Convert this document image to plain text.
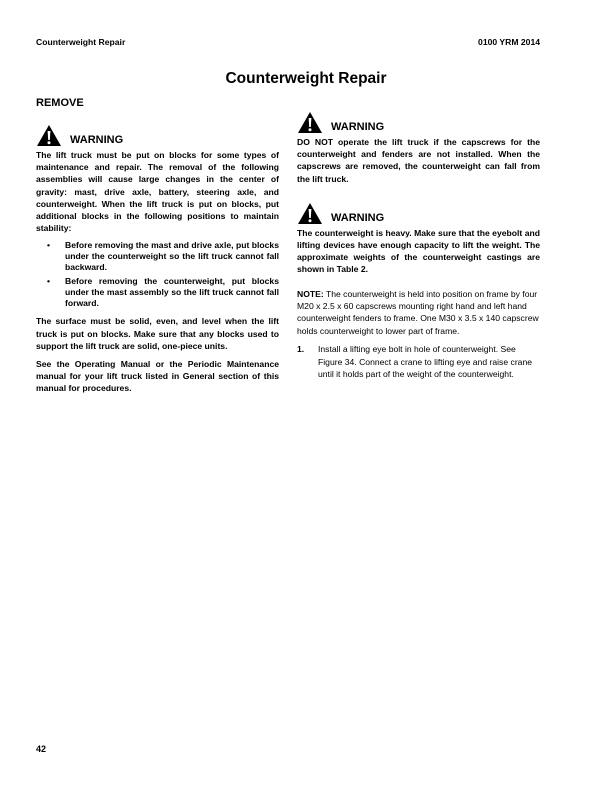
Counterweight Repair	0100 YRM 2014
Counterweight Repair
REMOVE
WARNING

The lift truck must be put on blocks for some types of maintenance and repair. The removal of the following assemblies will cause large changes in the center of gravity: mast, drive axle, battery, steering axle, and counterweight. When the lift truck is put on blocks, put additional blocks in the following positions to maintain stability:

• Before removing the mast and drive axle, put blocks under the counterweight so the lift truck cannot fall backward.
• Before removing the counterweight, put blocks under the mast assembly so the lift truck cannot fall forward.

The surface must be solid, even, and level when the lift truck is put on blocks. Make sure that any blocks used to support the lift truck are solid, one-piece units.

See the Operating Manual or the Periodic Maintenance manual for your lift truck listed in General section of this manual for procedures.

WARNING

DO NOT operate the lift truck if the capscrews for the counterweight and fenders are not installed. When the capscrews are removed, the counterweight can fall from the lift truck.

WARNING

The counterweight is heavy. Make sure that the eyebolt and lifting devices have enough capacity to lift the weight. The approximate weights of the counterweight castings are shown in Table 2.

NOTE: The counterweight is held into position on frame by four M20 x 2.5 x 60 capscrews mounting right hand and left hand counterweight fenders to frame. One M30 x 3.5 x 140 capscrew holds counterweight to lower part of frame.

1.	Install a lifting eye bolt in hole of counterweight. See Figure 34. Connect a crane to lifting eye and raise crane until it holds part of the weight of the counterweight.
42
